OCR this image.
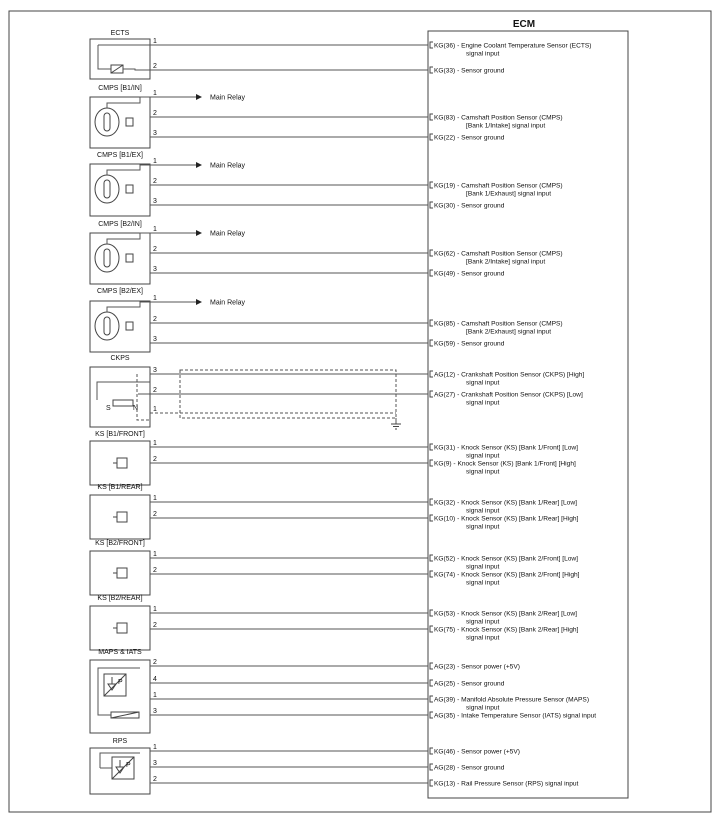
ECM
ECTS
1
KG(36) - Engine Coolant Temperature Sensor (ECTS)
signal input
2
KG(33) - Sensor ground
CMPS [B1/IN]
1
2
KG(83) - Camshaft Position Sensor (CMPS)
[Bank 1/Intake] signal input
3
KG(22) - Sensor ground
Main Relay
CMPS [B1/EX]
1
2
KG(19) - Camshaft Position Sensor (CMPS)
[Bank 1/Exhaust] signal input
3
KG(30) - Sensor ground
Main Relay
CMPS [B2/IN]
1
2
KG(62) - Camshaft Position Sensor (CMPS)
[Bank 2/Intake] signal input
3
KG(49) - Sensor ground
Main Relay
CMPS [B2/EX]
1
2
KG(85) - Camshaft Position Sensor (CMPS)
[Bank 2/Exhaust] signal input
3
KG(59) - Sensor ground
Main Relay
CKPS
3
AG(12) - Crankshaft Position Sensor (CKPS) [High]
signal input
2
AG(27) - Crankshaft Position Sensor (CKPS) [Low]
signal input
1
S	N
KS [B1/FRONT]
1
KG(31) - Knock Sensor (KS) [Bank 1/Front] [Low]
signal input
2
KG(9) - Knock Sensor (KS) [Bank 1/Front] [High]
signal input
KS [B1/REAR]
1
KG(32) - Knock Sensor (KS) [Bank 1/Rear] [Low]
signal input
2
KG(10) - Knock Sensor (KS) [Bank 1/Rear] [High]
signal input
KS [B2/FRONT]
1
KG(52) - Knock Sensor (KS) [Bank 2/Front] [Low]
signal input
2
KG(74) - Knock Sensor (KS) [Bank 2/Front] [High]
signal input
KS [B2/REAR]
1
KG(53) - Knock Sensor (KS) [Bank 2/Rear] [Low]
signal input
2
KG(75) - Knock Sensor (KS) [Bank 2/Rear] [High]
signal input
MAPS & IATS
2
AG(23) - Sensor power (+5V)
4
AG(25) - Sensor ground
1
AG(39) - Manifold Absolute Pressure Sensor (MAPS)
signal input
3
AG(35) - Intake Temperature Sensor (IATS) signal input
P
RPS
1
KG(46) - Sensor power (+5V)
3
AG(28) - Sensor ground
2
KG(13) - Rail Pressure Sensor (RPS) signal input
P
